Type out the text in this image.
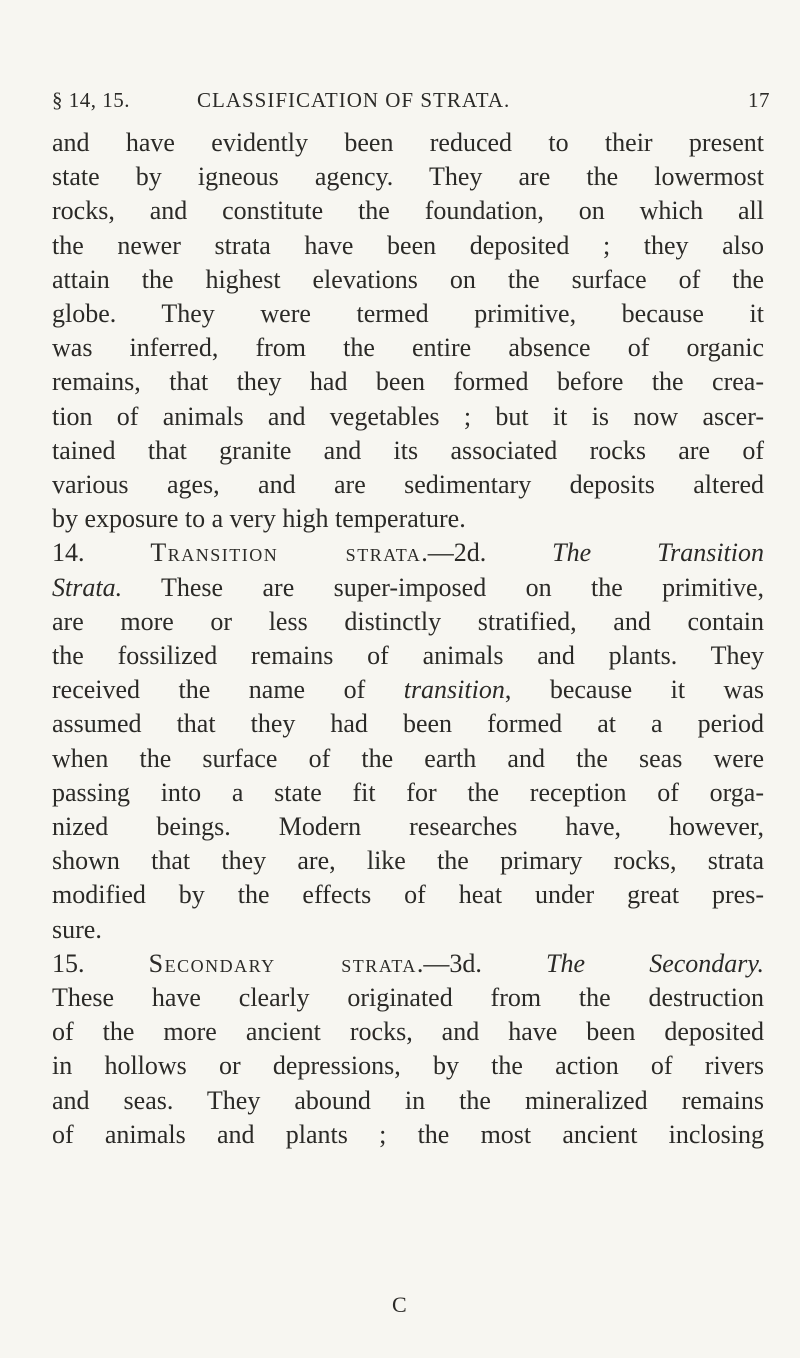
§ 14, 15.	CLASSIFICATION OF STRATA.	17
and have evidently been reduced to their present
state by igneous agency. They are the lowermost
rocks, and constitute the foundation, on which all
the newer strata have been deposited ; they also
attain the highest elevations on the surface of the
globe. They were termed primitive, because it
was inferred, from the entire absence of organic
remains, that they had been formed before the crea-
tion of animals and vegetables ; but it is now ascer-
tained that granite and its associated rocks are of
various ages, and are sedimentary deposits altered
by exposure to a very high temperature.
14. Transition strata.—2d. The Transition
Strata. These are super-imposed on the primitive,
are more or less distinctly stratified, and contain
the fossilized remains of animals and plants. They
received the name of transition, because it was
assumed that they had been formed at a period
when the surface of the earth and the seas were
passing into a state fit for the reception of orga-
nized beings. Modern researches have, however,
shown that they are, like the primary rocks, strata
modified by the effects of heat under great pres-
sure.
15. Secondary strata.—3d. The Secondary.
These have clearly originated from the destruction
of the more ancient rocks, and have been deposited
in hollows or depressions, by the action of rivers
and seas. They abound in the mineralized remains
of animals and plants ; the most ancient inclosing
C
